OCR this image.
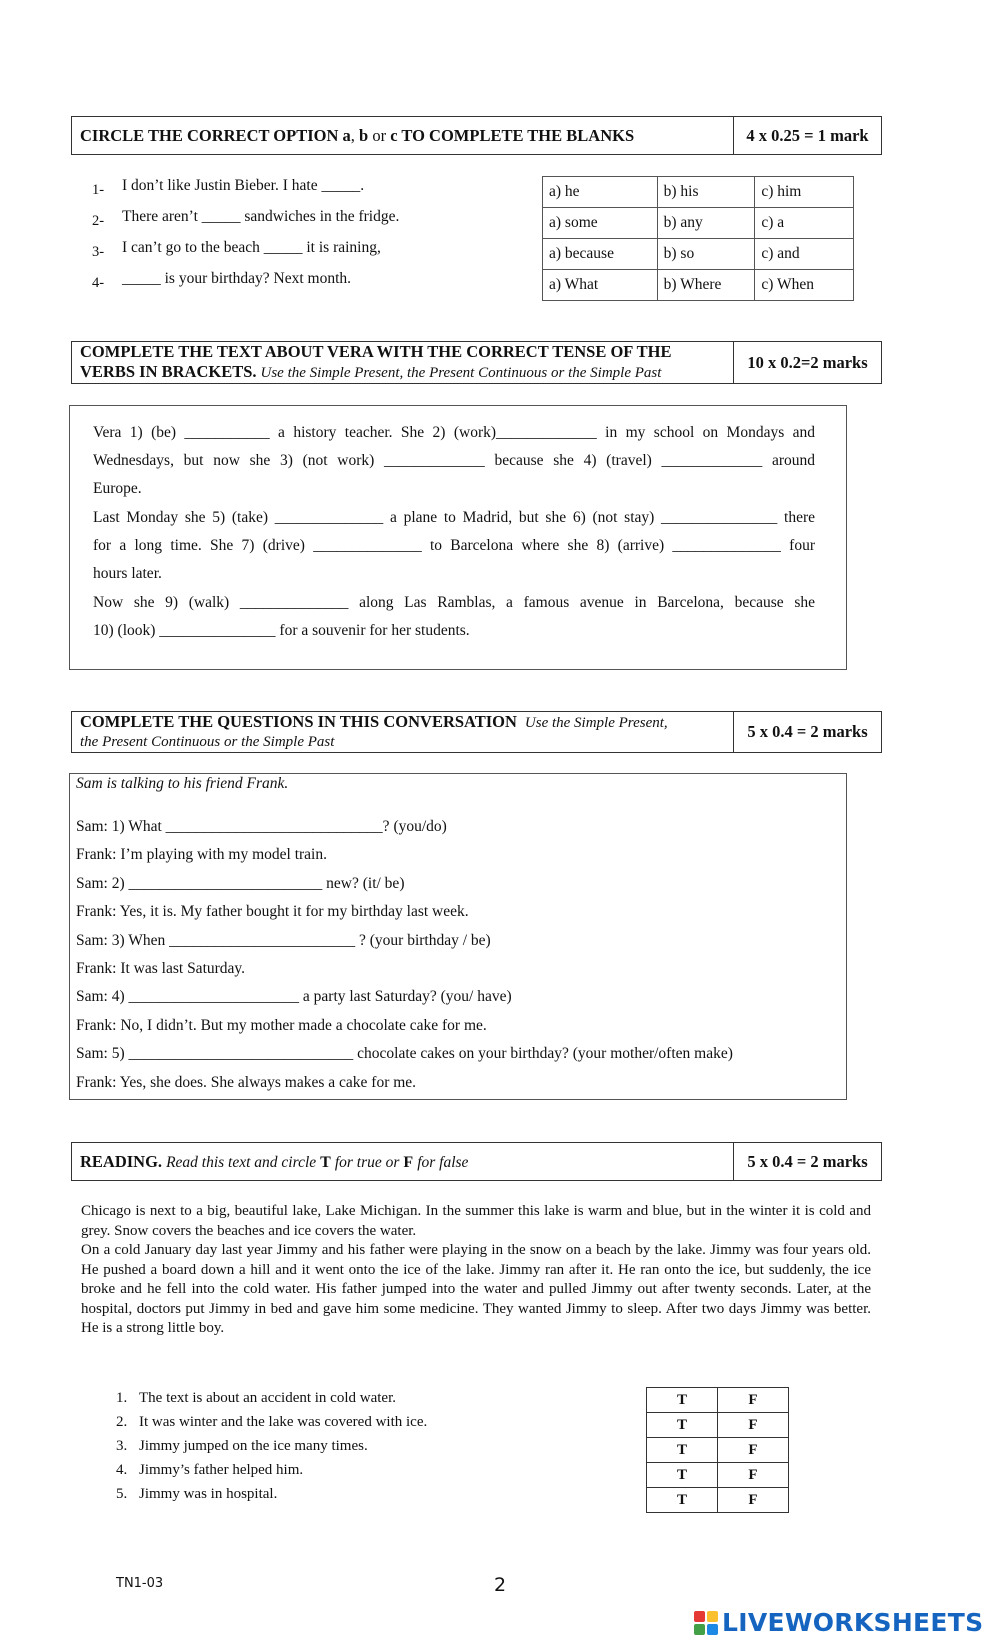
CIRCLE THE CORRECT OPTION a, b or c TO COMPLETE THE BLANKS	4 x 0.25 = 1 mark
1- I don’t like Justin Bieber. I hate _____.
2- There aren’t _____ sandwiches in the fridge.
3- I can’t go to the beach _____ it is raining,
4- _____ is your birthday? Next month.
a) he	b) his	c) him
a) some	b) any	c) a
a) because	b) so	c) and
a) What	b) Where	c) When
COMPLETE THE TEXT ABOUT VERA WITH THE CORRECT TENSE OF THE
VERBS IN BRACKETS. Use the Simple Present, the Present Continuous or the Simple Past
10 x 0.2=2 marks
Vera 1) (be) ___________ a history teacher. She 2) (work)_____________ in my school on Mondays and
Wednesdays, but now she 3) (not work) _____________ because she 4) (travel) _____________ around
Europe.
Last Monday she 5) (take) ______________ a plane to Madrid, but she 6) (not stay) _______________ there
for a long time. She 7) (drive) ______________ to Barcelona where she 8) (arrive) ______________ four
hours later.
Now she 9) (walk) ______________ along Las Ramblas, a famous avenue in Barcelona, because she
10) (look) _______________ for a souvenir for her students.
COMPLETE THE QUESTIONS IN THIS CONVERSATION Use the Simple Present,
the Present Continuous or the Simple Past
5 x 0.4 = 2 marks
Sam is talking to his friend Frank.
Sam: 1) What ____________________________? (you/do)
Frank: I’m playing with my model train.
Sam: 2) _________________________ new? (it/ be)
Frank: Yes, it is. My father bought it for my birthday last week.
Sam: 3) When ________________________ ? (your birthday / be)
Frank: It was last Saturday.
Sam: 4) ______________________ a party last Saturday? (you/ have)
Frank: No, I didn’t. But my mother made a chocolate cake for me.
Sam: 5) _____________________________ chocolate cakes on your birthday? (your mother/often make)
Frank: Yes, she does. She always makes a cake for me.
READING. Read this text and circle T for true or F for false	5 x 0.4 = 2 marks
Chicago is next to a big, beautiful lake, Lake Michigan. In the summer this lake is warm and blue, but in the winter it is cold and grey. Snow covers the beaches and ice covers the water.
On a cold January day last year Jimmy and his father were playing in the snow on a beach by the lake. Jimmy was four years old. He pushed a board down a hill and it went onto the ice of the lake. Jimmy ran after it. He ran onto the ice, but suddenly, the ice broke and he fell into the cold water. His father jumped into the water and pulled Jimmy out after twenty seconds. Later, at the hospital, doctors put Jimmy in bed and gave him some medicine. They wanted Jimmy to sleep. After two days Jimmy was better. He is a strong little boy.
1. The text is about an accident in cold water.
2. It was winter and the lake was covered with ice.
3. Jimmy jumped on the ice many times.
4. Jimmy’s father helped him.
5. Jimmy was in hospital.
T	F
T	F
T	F
T	F
T	F
TN1-03	2
LIVEWORKSHEETS
